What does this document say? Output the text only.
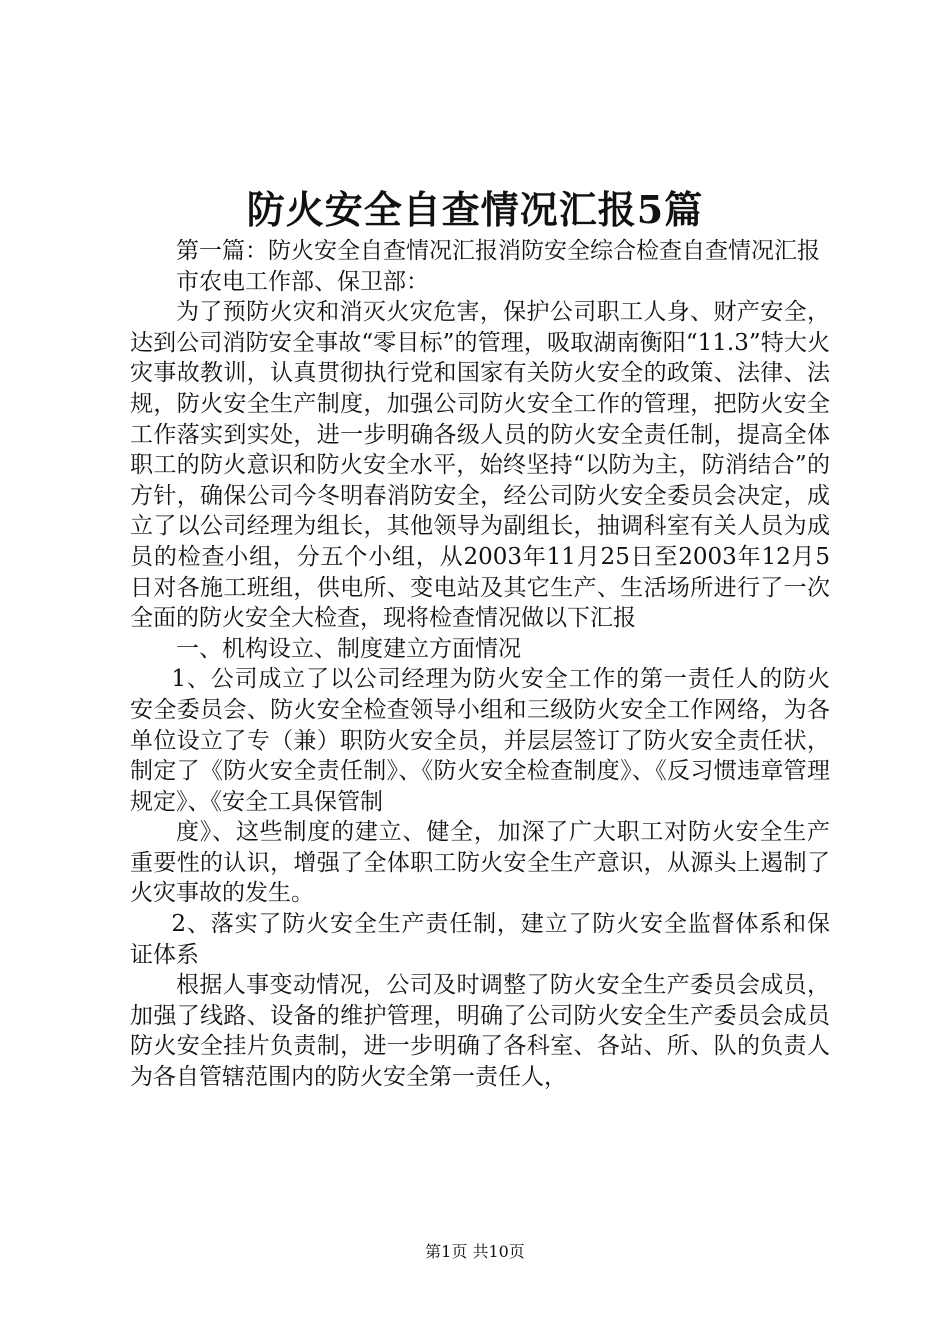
防火安全自查情况汇报5篇

第一篇：防火安全自查情况汇报消防安全综合检查自查情况汇报

市农电工作部、保卫部：

为了预防火灾和消灭火灾危害，保护公司职工人身、财产安全，达到公司消防安全事故“零目标”的管理，吸取湖南衡阳“11.3”特大火灾事故教训，认真贯彻执行党和国家有关防火安全的政策、法律、法规，防火安全生产制度，加强公司防火安全工作的管理，把防火安全工作落实到实处，进一步明确各级人员的防火安全责任制，提高全体职工的防火意识和防火安全水平，始终坚持“以防为主，防消结合”的方针，确保公司今冬明春消防安全，经公司防火安全委员会决定，成立了以公司经理为组长，其他领导为副组长，抽调科室有关人员为成员的检查小组，分五个小组，从2003年11月25日至2003年12月5日对各施工班组，供电所、变电站及其它生产、生活场所进行了一次全面的防火安全大检查，现将检查情况做以下汇报

一、机构设立、制度建立方面情况

1、公司成立了以公司经理为防火安全工作的第一责任人的防火安全委员会、防火安全检查领导小组和三级防火安全工作网络，为各单位设立了专（兼）职防火安全员，并层层签订了防火安全责任状，制定了《防火安全责任制》、《防火安全检查制度》、《反习惯违章管理规定》、《安全工具保管制

度》、这些制度的建立、健全，加深了广大职工对防火安全生产重要性的认识，增强了全体职工防火安全生产意识，从源头上遏制了火灾事故的发生。

2、落实了防火安全生产责任制，建立了防火安全监督体系和保证体系

根据人事变动情况，公司及时调整了防火安全生产委员会成员，加强了线路、设备的维护管理，明确了公司防火安全生产委员会成员防火安全挂片负责制，进一步明确了各科室、各站、所、队的负责人为各自管辖范围内的防火安全第一责任人，

第1页 共10页
